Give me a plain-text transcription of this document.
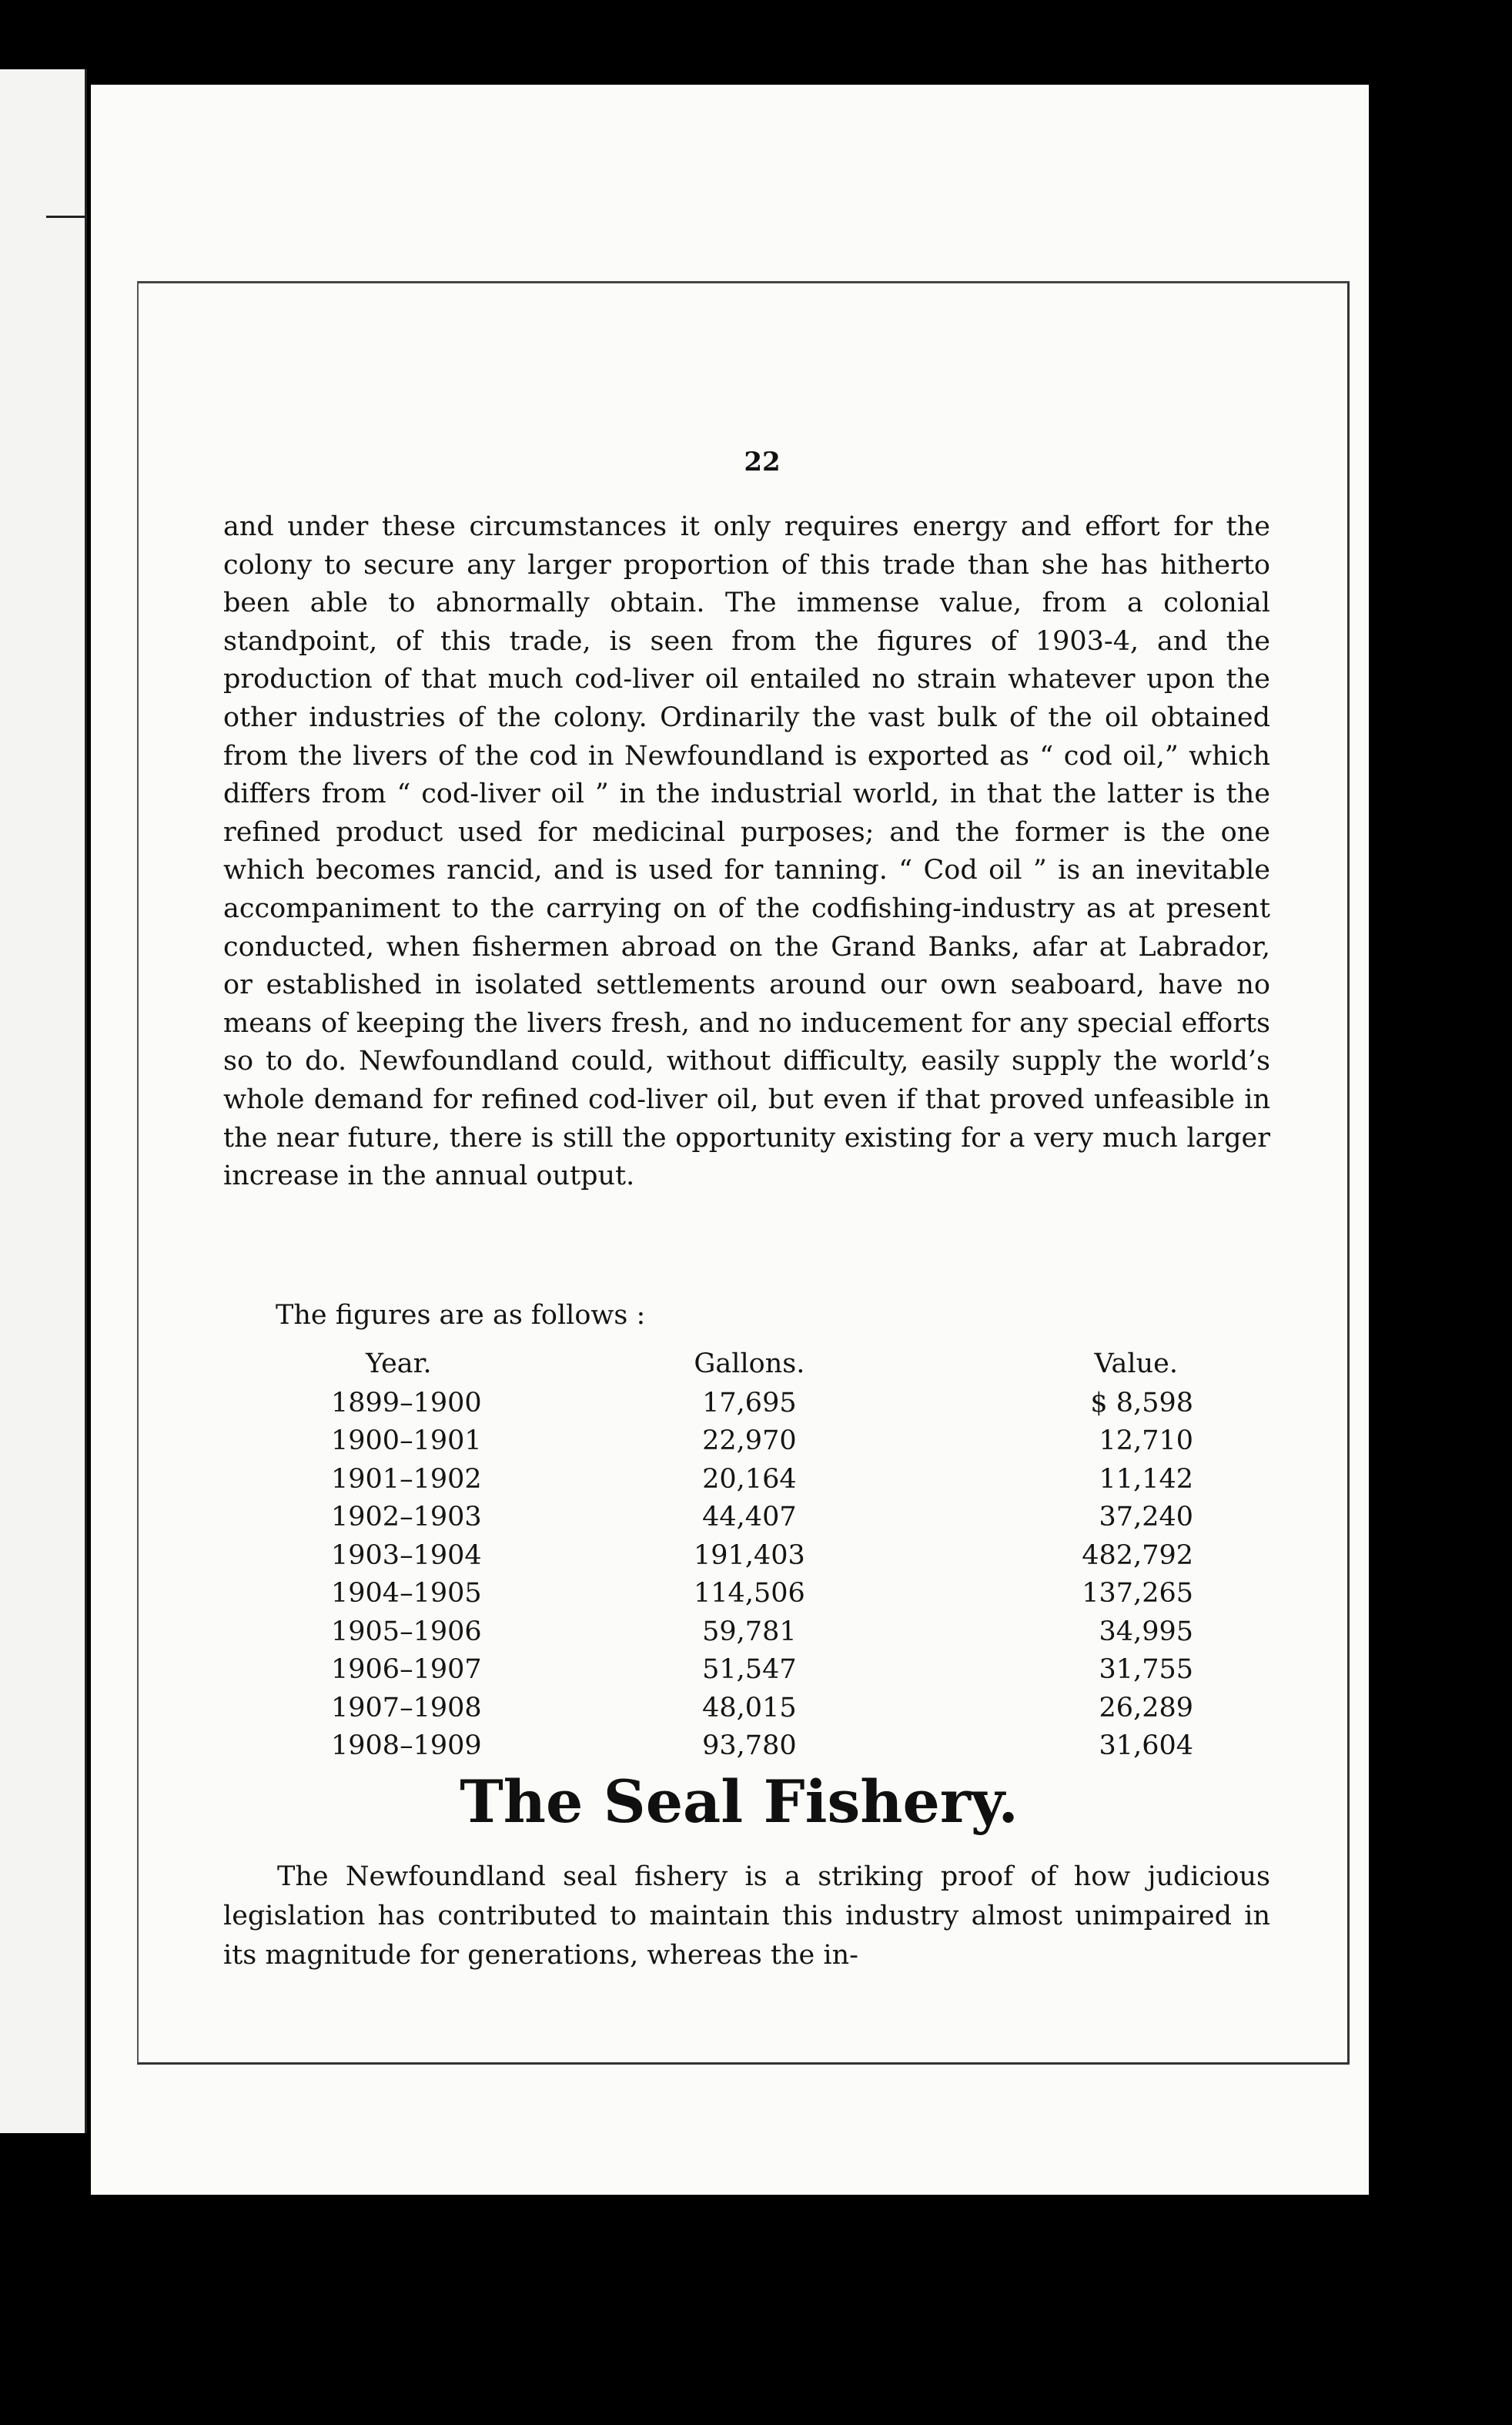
22

and under these circumstances it only requires energy and effort for the colony to secure any larger proportion of this trade than she has hitherto been able to abnormally obtain. The immense value, from a colonial standpoint, of this trade, is seen from the figures of 1903-4, and the production of that much cod-liver oil entailed no strain whatever upon the other industries of the colony. Ordinarily the vast bulk of the oil obtained from the livers of the cod in Newfoundland is exported as “ cod oil,” which differs from “ cod-liver oil ” in the industrial world, in that the latter is the refined product used for medicinal purposes; and the former is the one which becomes rancid, and is used for tanning. “ Cod oil ” is an inevitable accompaniment to the carrying on of the codfishing-industry as at present conducted, when fishermen abroad on the Grand Banks, afar at Labrador, or established in isolated settlements around our own seaboard, have no means of keeping the livers fresh, and no inducement for any special efforts so to do. Newfoundland could, without difficulty, easily supply the world’s whole demand for refined cod-liver oil, but even if that proved unfeasible in the near future, there is still the opportunity existing for a very much larger increase in the annual output.

The figures are as follows :

Year.	Gallons.	Value.
1899–1900	17,695	$ 8,598
1900–1901	22,970	12,710
1901–1902	20,164	11,142
1902–1903	44,407	37,240
1903–1904	191,403	482,792
1904–1905	114,506	137,265
1905–1906	59,781	34,995
1906–1907	51,547	31,755
1907–1908	48,015	26,289
1908–1909	93,780	31,604
The Seal Fishery.

The Newfoundland seal fishery is a striking proof of how judicious legislation has contributed to maintain this industry almost unimpaired in its magnitude for generations, whereas the in-
